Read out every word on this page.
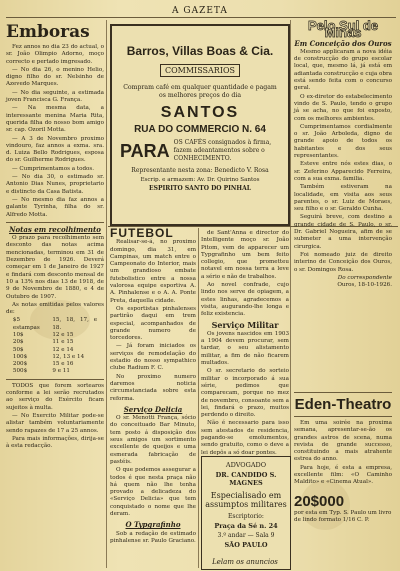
A GAZETA

Emboras

Fez annos no dia 23 do actual, o sr. João Olimpio Adorno, moço correcto e pertado imgresado.

— No dia 26, o menino Helio, digno filho do sr. Nelsinho de Azevedo Marques.

— No dia seguinte, a estimada joven Francisca G. França.

— Na mesma data, a interessante menina Maria Rita, querida filha do nosso bom amigo sr. cap. Ozoril Motta.

— A 3 de Novembro proximo vindouro, faz annos a exma. sra. d. Luiza Bello Rodrigues, esposa do sr. Guilherme Rodrigues.

— Cumprimentamos a todos.

— No dia 30, o estimado sr. Antonio Dias Nunes, proprietario e distincto da Casa Batista.

— No mesmo dia faz annos a galante Tyrinha, filha do sr. Alfredo Motta.

Notas em recolhimento

O prazo para recolhimento sem desconto das notas acima mencionadas, terminou em 31 de Dezembro de 1926. Deverá começar em 1 de Janeiro de 1927 e findará com desconto mensal de 10 a 13% nos dias 13 de 1918, de 9 de Novembro de 1880, e 4 de Outubro de 1907.

As notas emitidas pelos valores de:

$5 estampas	15, 18, 17, e 18.
10$	12 e 15
20$	11 e 15
50$	12 e 14
100$	12, 13 e 14
200$	15 e 16
500$	9 e 11

TODOS que forem sortearos conforme a lei serão recrutados ao serviço do Exército ficam sujeitos à multa.

— No Exercito Militar pode-se alistar também voluntariamente sendo rapazes de 17 a 25 annos.

Para mais informações, dirija-se à esta redacção.

Barros, Villas Boas & Cia.
COMMISSARIOS
Compram café em qualquer quantidade e pagam os melhores preços do dia
SANTOS
RUA DO COMMERCIO N. 64
PARA OS CAFÉS consignados à firma, fazem adeantamentos sobre o CONHECIMENTO.
Representante nesta zona: Benedicto V. Rosa
Escrip. e armazem: Av. Dr. Quirino Santos
ESPIRITO SANTO DO PINHAL

FUTEBOL

Realisar-se-á, no proximo domingo, dia 31, em Campinas, um match entre o Campeonato do Interior, mais um grandioso embate futebolistico entre a nossa valorosa equipe esportiva A. A. Pinhalense e o A. A. Ponte Preta, daquella cidade.

Os esportistas pinhalenses partirão daqui em trem especial, acompanhados de grande numero de torcedores.

— Já foram iniciados os serviços de remodelação do estadio do nosso sympathico clube Radium F. C.

No proximo numero daremos noticia circumstanciada sobre esta reforma.

Serviço Delicia

O sr. Menotti França, sócio do conceituado Bar Minuto, tem posto á disposição dos seus amigos um sortimento excellente de queijos e uma esmerada fabricação de pastéis.

O que podemos assegurar a todos é que nesta praça não há quem não lhe tenha provado a delicadeza do «Serviço Delicia» que tem conquistado o nome que lhe deram.

O Typgrafinho

Sob a redação de estimado pinhalense sr. Paulo Graciano.

de Sant'Anna e director do Intelligente moço sr. João Pitom, vem de apparecer um Typgrafinho um bem feito collegio, que prometteu notavel em nossa terra a leve a sério e não de trabalhos.

Ao novel confrade, cujo lindo nos serve de opiagem, a estes linhas, agradecemos a visita, augurando-lhe longa e feliz existencia.

Serviço Militar

Os jovens nascidos em 1903 a 1904 devem procurar, sem tardar, o seu alistamento militar, a fim de não ficarem multados.

O sr. secretario do sorteio militar o incorporado á sua série, pedimos que comparecam, porque no mez de novembro, consoante sem a lei, findará o prazo, muitos perdendo o direito.

Não é necessario para isso sem atestados de residencia, pagando-se emolumentos, sendo gratuito, como o deve a lei depôs a só doar pontes.

ADVOGADO
DR. CANDIDO S. MAGNES
Especialisado em assumptos militares
Escriptorio:
Praça da Sé n. 24
3.º andar — Sala 9
SÃO PAULO
Pelo Sul de Minas
Em Conceição dos Ouros

Mesmo applicaram a nova idéia de construcção do grupo escolar local, que, mesmo lá, já está em adiantada construcção e cuja obra está sendo feita com o concurso geral.

O ex-diretor do estabelecimento vindo de S. Paulo, tendo o grupo já se acha, no que foi exposto, com os melhores ambientes.

Cumprimentamos cordialmente o sr. João Arboleda, digno de grande apoio de todos os habitantes e dos seus representantes.

Esteve entre nós estes dias, o sr. Zeferino Apparecido Ferreira, com a sua exma. familia.

Também estiveram na localidade, em visita aos seus parentes, o sr. Luiz de Moraes, seu filho e o sr. Geraldo Cunha.

Seguirá breve, com destino a grande cidade de S. Paulo, o sr. Dr. Gabriel Nogueira, afim de se submeter a uma intervenção cirurgica.

Foi nomeado juiz de direito interino de Conceição dos Ouros, o sr. Domingos Rosa.

Do correspondente
Ouros, 18-10-1926.
Eden-Theatro

Em uma soirée na proxima semana, apresentar-se-ão os grandes astros de scena, numa revista de grande successo, constituindo a mais atrahente estrea do anno.

Para hoje, é esta a empresa, excellente film: «O Caminho Maldito» e «Cinema Atual».

20$000
por esta em Typ. S. Paulo um livro de lindo formato 1/16 C. P.
Lelam os anuncios
